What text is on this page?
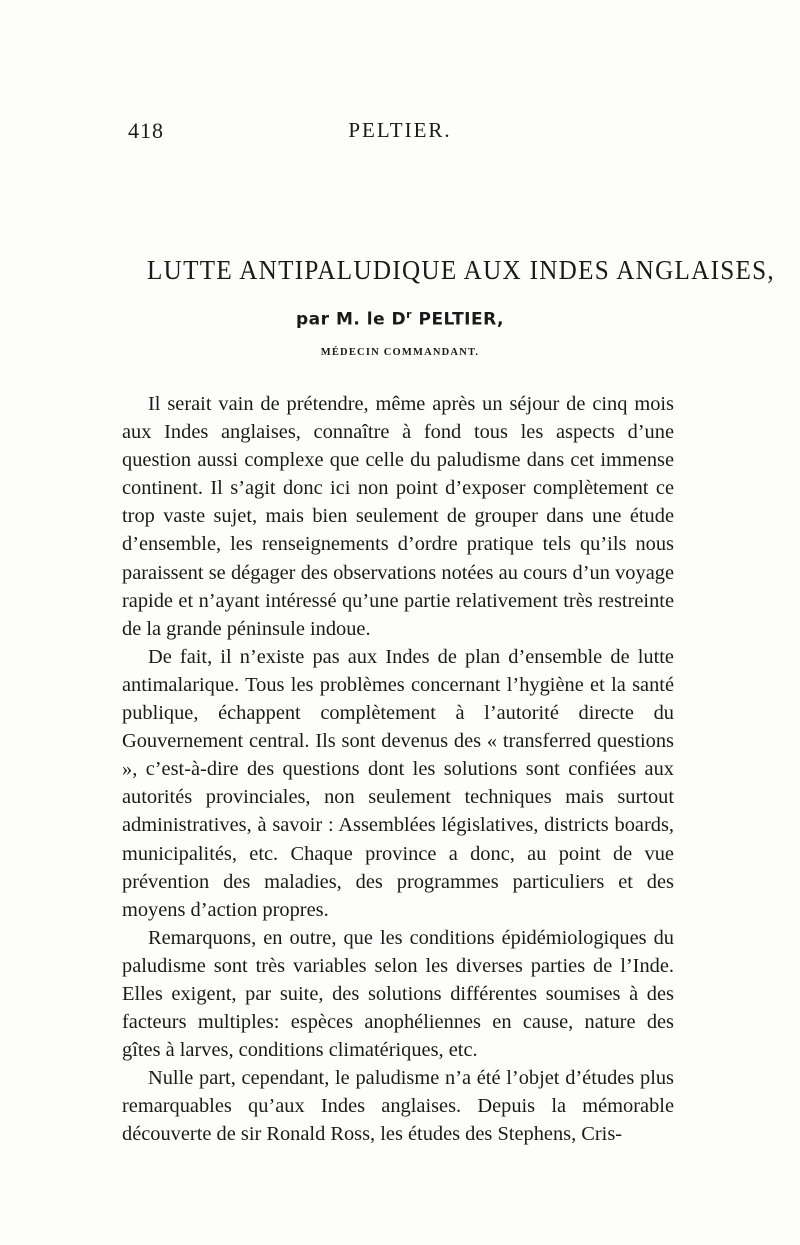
418	PELTIER.
LUTTE ANTIPALUDIQUE AUX INDES ANGLAISES,
par M. le $D^r$ PELTIER,
MÉDECIN COMMANDANT.

Il serait vain de prétendre, même après un séjour de cinq mois aux Indes anglaises, connaître à fond tous les aspects d’une question aussi complexe que celle du paludisme dans cet immense continent. Il s’agit donc ici non point d’exposer complètement ce trop vaste sujet, mais bien seulement de grouper dans une étude d’ensemble, les renseignements d’ordre pratique tels qu’ils nous paraissent se dégager des observations notées au cours d’un voyage rapide et n’ayant intéressé qu’une partie relativement très restreinte de la grande péninsule indoue.

De fait, il n’existe pas aux Indes de plan d’ensemble de lutte antimalarique. Tous les problèmes concernant l’hygiène et la santé publique, échappent complètement à l’autorité directe du Gouvernement central. Ils sont devenus des « transferred questions », c’est-à-dire des questions dont les solutions sont confiées aux autorités provinciales, non seulement techniques mais surtout administratives, à savoir : Assemblées législatives, districts boards, municipalités, etc. Chaque province a donc, au point de vue prévention des maladies, des programmes particuliers et des moyens d’action propres.

Remarquons, en outre, que les conditions épidémiologiques du paludisme sont très variables selon les diverses parties de l’Inde. Elles exigent, par suite, des solutions différentes soumises à des facteurs multiples: espèces anophéliennes en cause, nature des gîtes à larves, conditions climatériques, etc.

Nulle part, cependant, le paludisme n’a été l’objet d’études plus remarquables qu’aux Indes anglaises. Depuis la mémorable découverte de sir Ronald Ross, les études des Stephens, Cris-
